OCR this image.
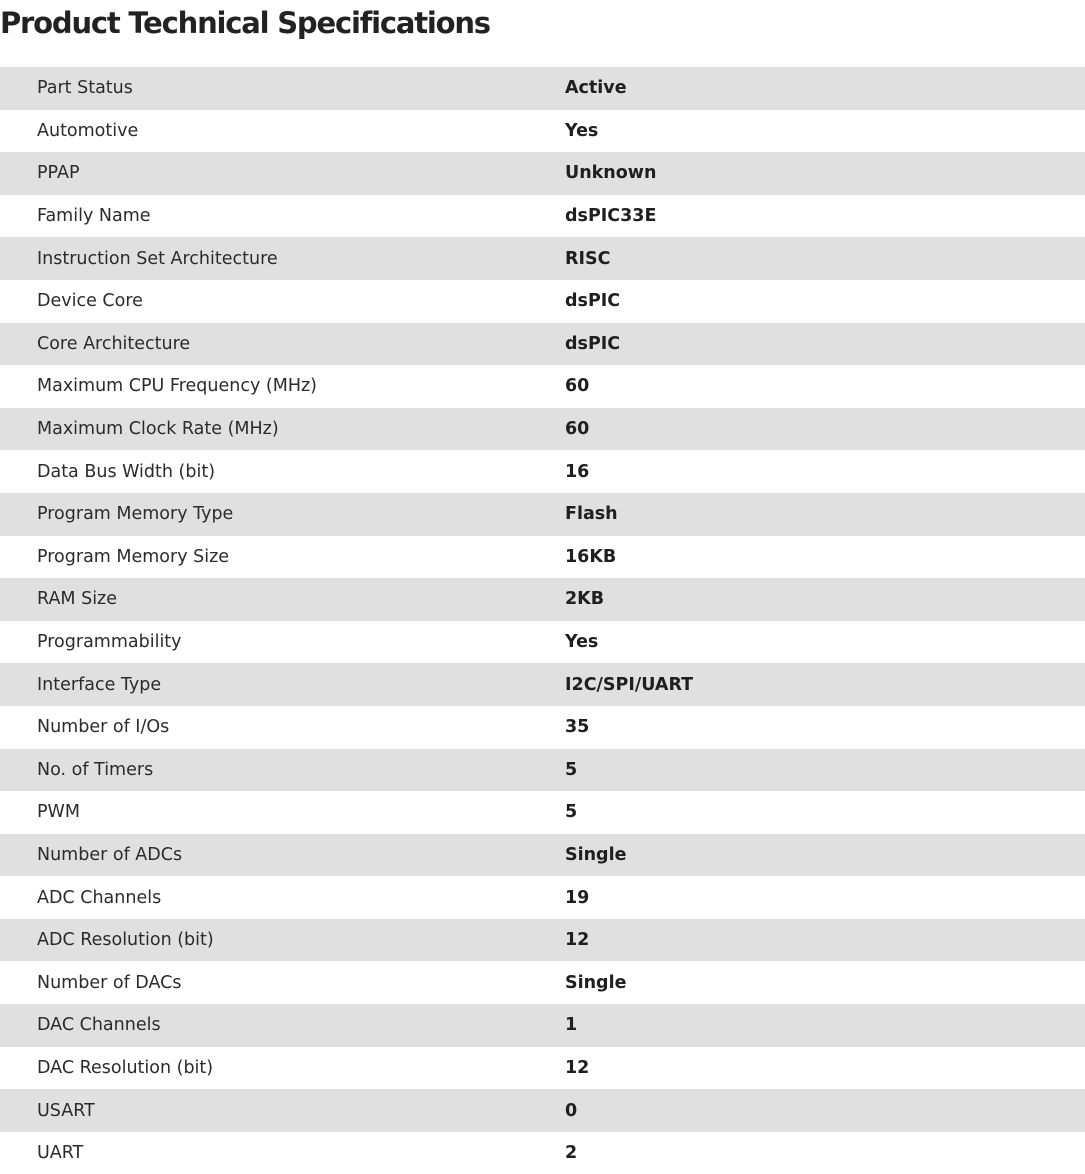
Product Technical Specifications
Part Status	Active
Automotive	Yes
PPAP	Unknown
Family Name	dsPIC33E
Instruction Set Architecture	RISC
Device Core	dsPIC
Core Architecture	dsPIC
Maximum CPU Frequency (MHz)	60
Maximum Clock Rate (MHz)	60
Data Bus Width (bit)	16
Program Memory Type	Flash
Program Memory Size	16KB
RAM Size	2KB
Programmability	Yes
Interface Type	I2C/SPI/UART
Number of I/Os	35
No. of Timers	5
PWM	5
Number of ADCs	Single
ADC Channels	19
ADC Resolution (bit)	12
Number of DACs	Single
DAC Channels	1
DAC Resolution (bit)	12
USART	0
UART	2
